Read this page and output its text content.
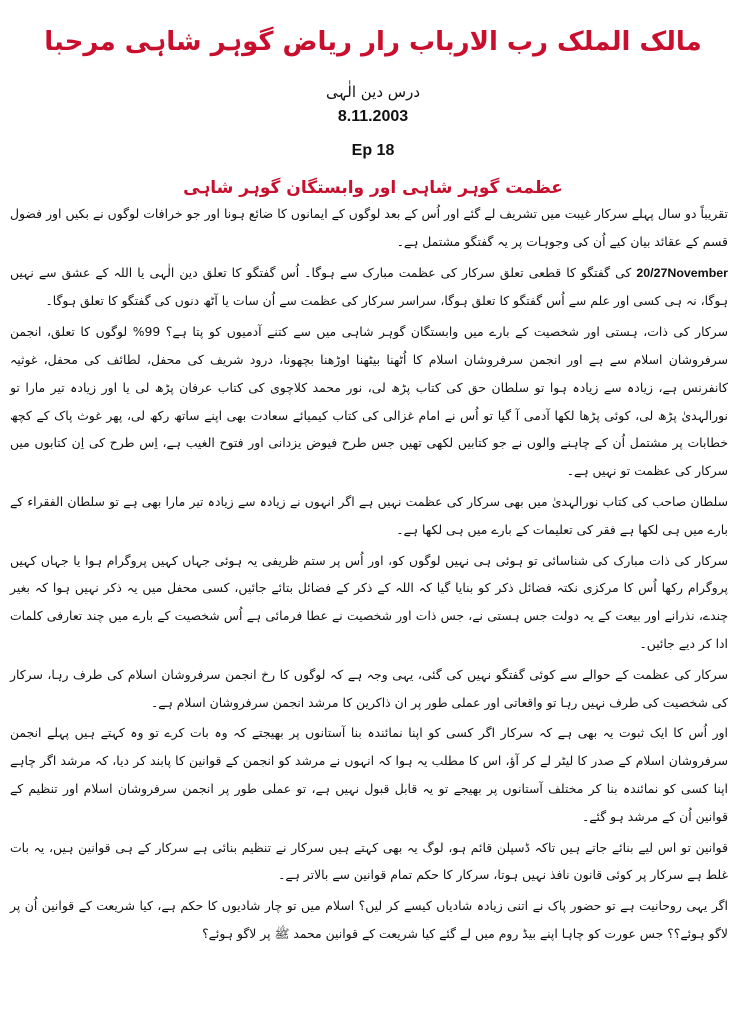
مالک الملک رب الارباب رار ریاض گوہر شاہی مرحبا
درس دین الٰہی
8.11.2003
Ep 18
عظمت گوہر شاہی اور وابستگان گوہر شاہی

تقریباً دو سال پہلے سرکار غیبت میں تشریف لے گئے اور اُس کے بعد لوگوں کے ایمانوں کا ضائع ہونا اور جو خرافات لوگوں نے بکیں اور فضول قسم کے عقائد بیان کیے اُن کی وجوہات پر یہ گفتگو مشتمل ہے۔

20/27November کی گفتگو کا قطعی تعلق سرکار کی عظمت مبارک سے ہوگا۔ اُس گفتگو کا تعلق دین الٰہی یا اللہ کے عشق سے نہیں ہوگا، نہ ہی کسی اور علم سے اُس گفتگو کا تعلق ہوگا، سراسر سرکار کی عظمت سے اُن سات یا آٹھ دنوں کی گفتگو کا تعلق ہوگا۔

سرکار کی ذات، ہستی اور شخصیت کے بارے میں وابستگان گوہر شاہی میں سے کتنے آدمیوں کو پتا ہے؟ 99% لوگوں کا تعلق، انجمن سرفروشان اسلام سے ہے اور انجمن سرفروشان اسلام کا اُٹھنا بیٹھنا اوڑھنا بچھونا، درود شریف کی محفل، لطائف کی محفل، غوثیہ کانفرنس ہے، زیادہ سے زیادہ ہوا تو سلطان حق کی کتاب پڑھ لی، نور محمد کلاچوی کی کتاب عرفان پڑھ لی یا اور زیادہ تیر مارا تو نورالہدیٰ پڑھ لی، کوئی پڑھا لکھا آدمی آ گیا تو اُس نے امام غزالی کی کتاب کیمیائے سعادت بھی اپنے ساتھ رکھ لی، پھر غوث پاک کے کچھ خطابات پر مشتمل اُن کے چاہنے والوں نے جو کتابیں لکھی تھیں جس طرح فیوض یزدانی اور فتوح الغیب ہے، اِس طرح کی اِن کتابوں میں سرکار کی عظمت تو نہیں ہے۔

سلطان صاحب کی کتاب نورالہدیٰ میں بھی سرکار کی عظمت نہیں ہے اگر انہوں نے زیادہ سے زیادہ تیر مارا بھی ہے تو سلطان الفقراء کے بارے میں ہی لکھا ہے فقر کی تعلیمات کے بارے میں ہی لکھا ہے۔

سرکار کی ذات مبارک کی شناسائی تو ہوئی ہی نہیں لوگوں کو، اور اُس پر ستم ظریفی یہ ہوئی جہاں کہیں پروگرام ہوا یا جہاں کہیں پروگرام رکھا اُس کا مرکزی نکتہ فضائل ذکر کو بنایا گیا کہ اللہ کے ذکر کے فضائل بتائے جائیں، کسی محفل میں یہ ذکر نہیں ہوا کہ بغیر چندے، نذرانے اور بیعت کے یہ دولت جس ہستی نے، جس ذات اور شخصیت نے عطا فرمائی ہے اُس شخصیت کے بارے میں چند تعارفی کلمات ادا کر دیے جائیں۔

سرکار کی عظمت کے حوالے سے کوئی گفتگو نہیں کی گئی، یہی وجہ ہے کہ لوگوں کا رخ انجمن سرفروشان اسلام کی طرف رہا، سرکار کی شخصیت کی طرف نہیں رہا تو واقعاتی اور عملی طور پر ان ذاکرین کا مرشد انجمن سرفروشان اسلام ہے۔

اور اُس کا ایک ثبوت یہ بھی ہے کہ سرکار اگر کسی کو اپنا نمائندہ بنا آستانوں پر بھیجتے کہ وہ بات کرے تو وہ کہتے ہیں پہلے انجمن سرفروشان اسلام کے صدر کا لیٹر لے کر آؤ، اس کا مطلب یہ ہوا کہ انہوں نے مرشد کو انجمن کے قوانین کا پابند کر دیا، کہ مرشد اگر چاہے اپنا کسی کو نمائندہ بنا کر مختلف آستانوں پر بھیجے تو یہ قابل قبول نہیں ہے، تو عملی طور پر انجمن سرفروشان اسلام اور تنظیم کے قوانین اُن کے مرشد ہو گئے۔

قوانین تو اس لیے بنائے جاتے ہیں تاکہ ڈسپلن قائم ہو، لوگ یہ بھی کہتے ہیں سرکار نے تنظیم بنائی ہے سرکار کے ہی قوانین ہیں، یہ بات غلط ہے سرکار پر کوئی قانون نافذ نہیں ہوتا، سرکار کا حکم تمام قوانین سے بالاتر ہے۔

اگر یہی روحانیت ہے تو حضور پاک نے اتنی زیادہ شادیاں کیسے کر لیں؟ اسلام میں تو چار شادیوں کا حکم ہے، کیا شریعت کے قوانین اُن پر لاگو ہوئے؟؟ جس عورت کو چاہا اپنے بیڈ روم میں لے گئے کیا شریعت کے قوانین محمد ﷺ پر لاگو ہوئے؟
